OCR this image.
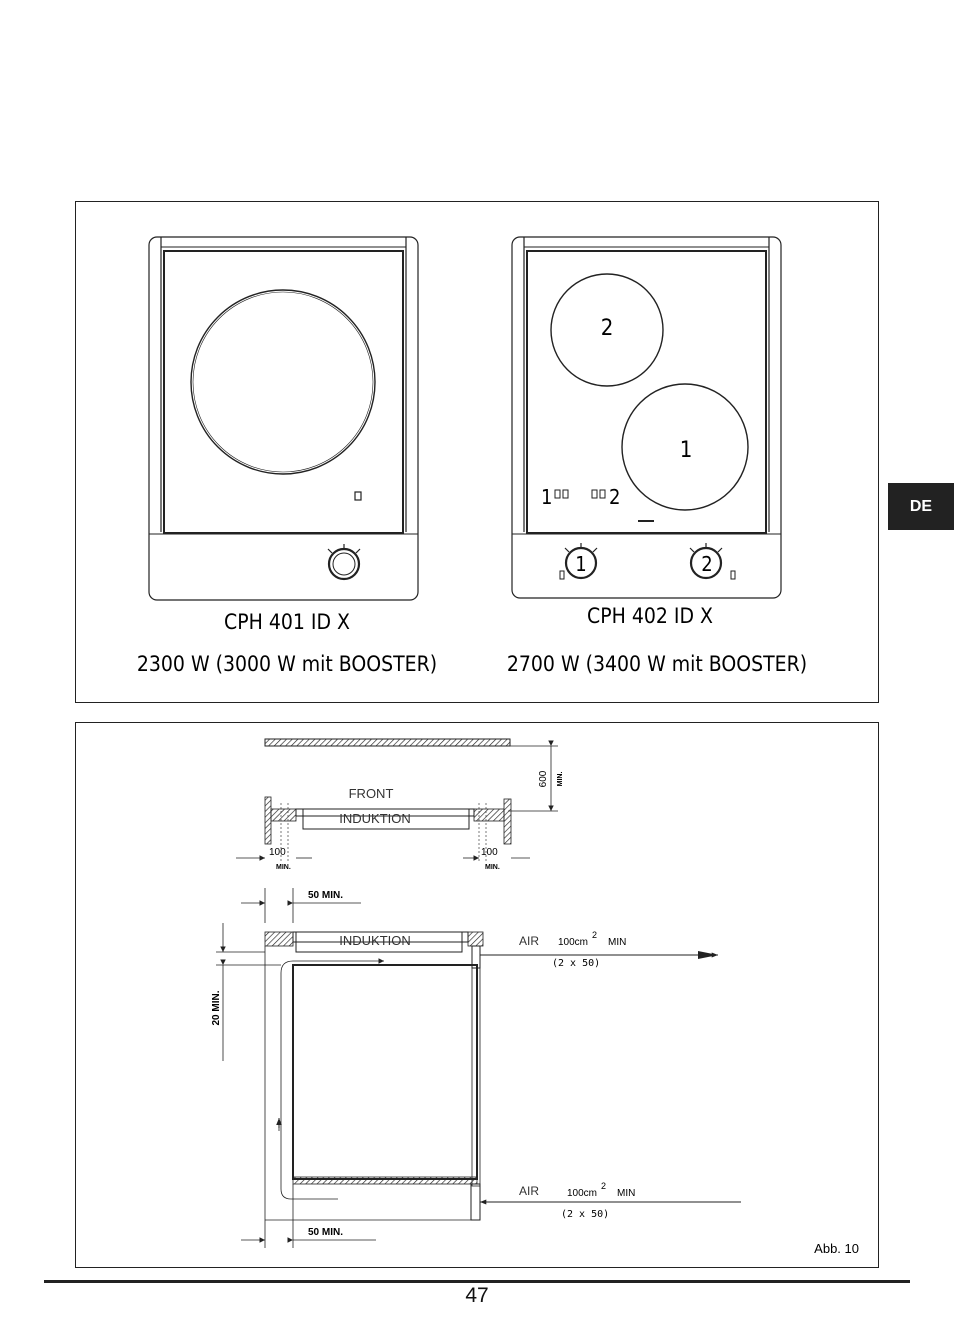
2
1
1	2
1	2
CPH 401 ID X
2300 W (3000 W mit BOOSTER)
CPH 402 ID X
2700 W (3400 W mit BOOSTER)
600 MIN.
FRONT
INDUKTION
100
MIN.
100
MIN.
50 MIN.
INDUKTION
20 MIN.
AIR 100cm
2
MIN
(2 x 50)
AIR	100cm
2
MIN
(2 x 50)
50 MIN.
Abb. 10
DE
47
